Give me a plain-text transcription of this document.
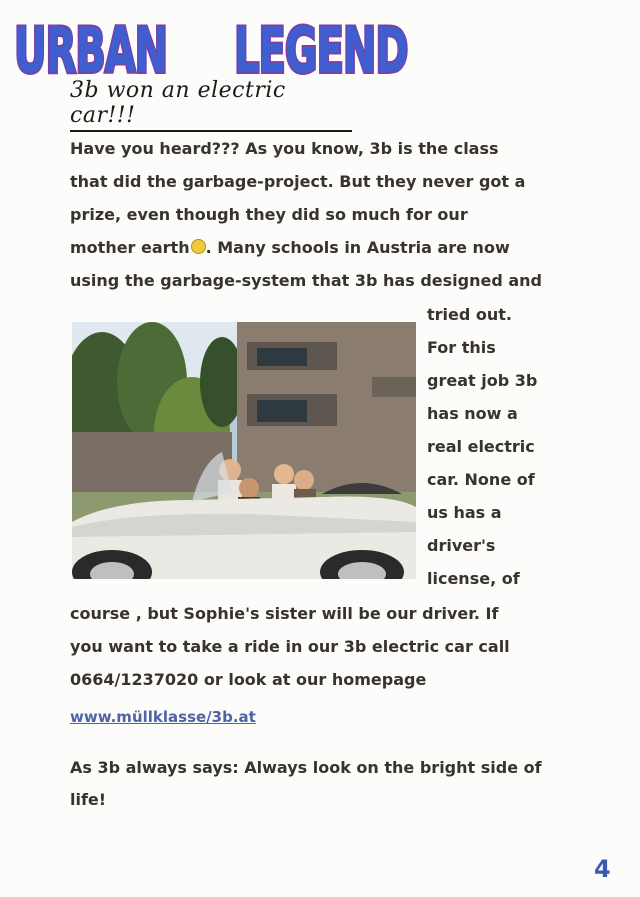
URBAN LEGEND
3b won an electric car!!!

Have you heard??? As you know, 3b is the class
that did the garbage-project. But they never got a
prize, even though they did so much for our
mother earth . Many schools in Austria are now
using the garbage-system that 3b has designed and

tried out.
For this
great job 3b
has now a
real electric
car. None of
us has a
driver's
license, of

course , but Sophie's sister will be our driver. If
you want to take a ride in our 3b electric car call
0664/1237020 or look at our homepage

www.müllklasse/3b.at

As 3b always says: Always look on the bright side of
life!

4
